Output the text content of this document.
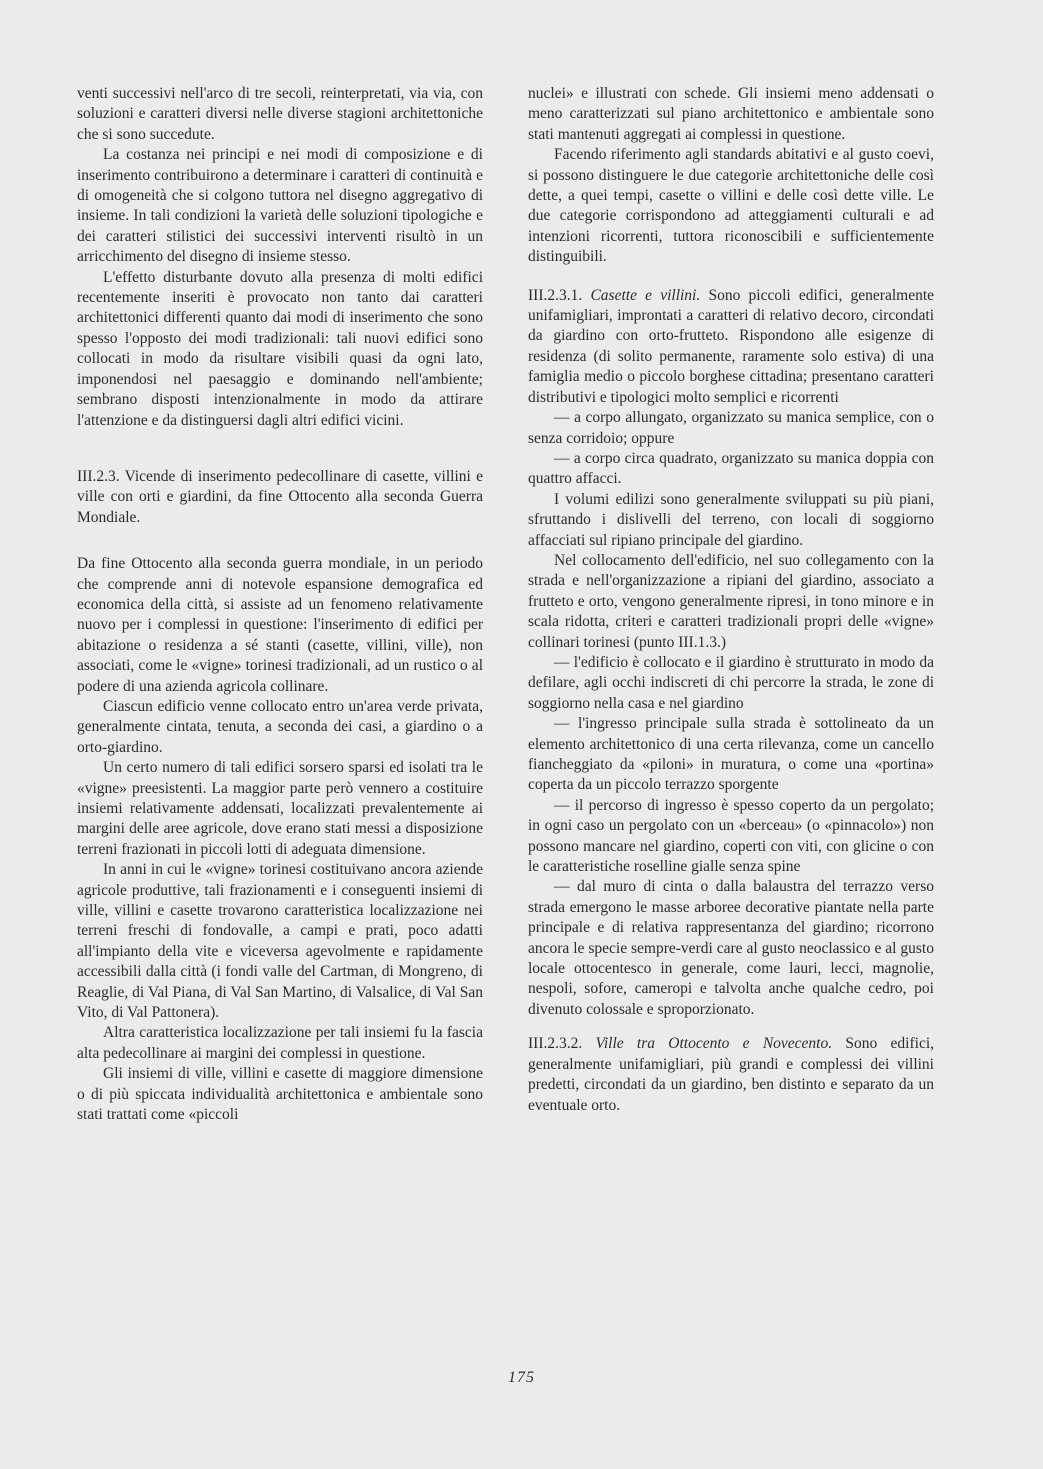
venti successivi nell'arco di tre secoli, reinterpretati, via via, con soluzioni e caratteri diversi nelle diverse stagioni architettoniche che si sono succedute.

La costanza nei principi e nei modi di composizione e di inserimento contribuirono a determinare i caratteri di continuità e di omogeneità che si colgono tuttora nel disegno aggregativo di insieme. In tali condizioni la varietà delle soluzioni tipologiche e dei caratteri stilistici dei successivi interventi risultò in un arricchimento del disegno di insieme stesso.

L'effetto disturbante dovuto alla presenza di molti edifici recentemente inseriti è provocato non tanto dai caratteri architettonici differenti quanto dai modi di inserimento che sono spesso l'opposto dei modi tradizionali: tali nuovi edifici sono collocati in modo da risultare visibili quasi da ogni lato, imponendosi nel paesaggio e dominando nell'ambiente; sembrano disposti intenzionalmente in modo da attirare l'attenzione e da distinguersi dagli altri edifici vicini.

III.2.3. Vicende di inserimento pedecollinare di casette, villini e ville con orti e giardini, da fine Ottocento alla seconda Guerra Mondiale.

Da fine Ottocento alla seconda guerra mondiale, in un periodo che comprende anni di notevole espansione demografica ed economica della città, si assiste ad un fenomeno relativamente nuovo per i complessi in questione: l'inserimento di edifici per abitazione o residenza a sé stanti (casette, villini, ville), non associati, come le «vigne» torinesi tradizionali, ad un rustico o al podere di una azienda agricola collinare.

Ciascun edificio venne collocato entro un'area verde privata, generalmente cintata, tenuta, a seconda dei casi, a giardino o a orto-giardino.

Un certo numero di tali edifici sorsero sparsi ed isolati tra le «vigne» preesistenti. La maggior parte però vennero a costituire insiemi relativamente addensati, localizzati prevalentemente ai margini delle aree agricole, dove erano stati messi a disposizione terreni frazionati in piccoli lotti di adeguata dimensione.

In anni in cui le «vigne» torinesi costituivano ancora aziende agricole produttive, tali frazionamenti e i conseguenti insiemi di ville, villini e casette trovarono caratteristica localizzazione nei terreni freschi di fondovalle, a campi e prati, poco adatti all'impianto della vite e viceversa agevolmente e rapidamente accessibili dalla città (i fondi valle del Cartman, di Mongreno, di Reaglie, di Val Piana, di Val San Martino, di Valsalice, di Val San Vito, di Val Pattonera).

Altra caratteristica localizzazione per tali insiemi fu la fascia alta pedecollinare ai margini dei complessi in questione.

Gli insiemi di ville, villini e casette di maggiore dimensione o di più spiccata individualità architettonica e ambientale sono stati trattati come «piccoli

nuclei» e illustrati con schede. Gli insiemi meno addensati o meno caratterizzati sul piano architettonico e ambientale sono stati mantenuti aggregati ai complessi in questione.

Facendo riferimento agli standards abitativi e al gusto coevi, si possono distinguere le due categorie architettoniche delle così dette, a quei tempi, casette o villini e delle così dette ville. Le due categorie corrispondono ad atteggiamenti culturali e ad intenzioni ricorrenti, tuttora riconoscibili e sufficientemente distinguibili.

III.2.3.1. Casette e villini. Sono piccoli edifici, generalmente unifamigliari, improntati a caratteri di relativo decoro, circondati da giardino con orto-frutteto. Rispondono alle esigenze di residenza (di solito permanente, raramente solo estiva) di una famiglia medio o piccolo borghese cittadina; presentano caratteri distributivi e tipologici molto semplici e ricorrenti

— a corpo allungato, organizzato su manica semplice, con o senza corridoio; oppure

— a corpo circa quadrato, organizzato su manica doppia con quattro affacci.

I volumi edilizi sono generalmente sviluppati su più piani, sfruttando i dislivelli del terreno, con locali di soggiorno affacciati sul ripiano principale del giardino.

Nel collocamento dell'edificio, nel suo collegamento con la strada e nell'organizzazione a ripiani del giardino, associato a frutteto e orto, vengono generalmente ripresi, in tono minore e in scala ridotta, criteri e caratteri tradizionali propri delle «vigne» collinari torinesi (punto III.1.3.)

— l'edificio è collocato e il giardino è strutturato in modo da defilare, agli occhi indiscreti di chi percorre la strada, le zone di soggiorno nella casa e nel giardino

— l'ingresso principale sulla strada è sottolineato da un elemento architettonico di una certa rilevanza, come un cancello fiancheggiato da «piloni» in muratura, o come una «portina» coperta da un piccolo terrazzo sporgente

— il percorso di ingresso è spesso coperto da un pergolato; in ogni caso un pergolato con un «berceau» (o «pinnacolo») non possono mancare nel giardino, coperti con viti, con glicine o con le caratteristiche roselline gialle senza spine

— dal muro di cinta o dalla balaustra del terrazzo verso strada emergono le masse arboree decorative piantate nella parte principale e di relativa rappresentanza del giardino; ricorrono ancora le specie sempre-verdi care al gusto neoclassico e al gusto locale ottocentesco in generale, come lauri, lecci, magnolie, nespoli, sofore, cameropi e talvolta anche qualche cedro, poi divenuto colossale e sproporzionato.

III.2.3.2. Ville tra Ottocento e Novecento. Sono edifici, generalmente unifamigliari, più grandi e complessi dei villini predetti, circondati da un giardino, ben distinto e separato da un eventuale orto.

175
